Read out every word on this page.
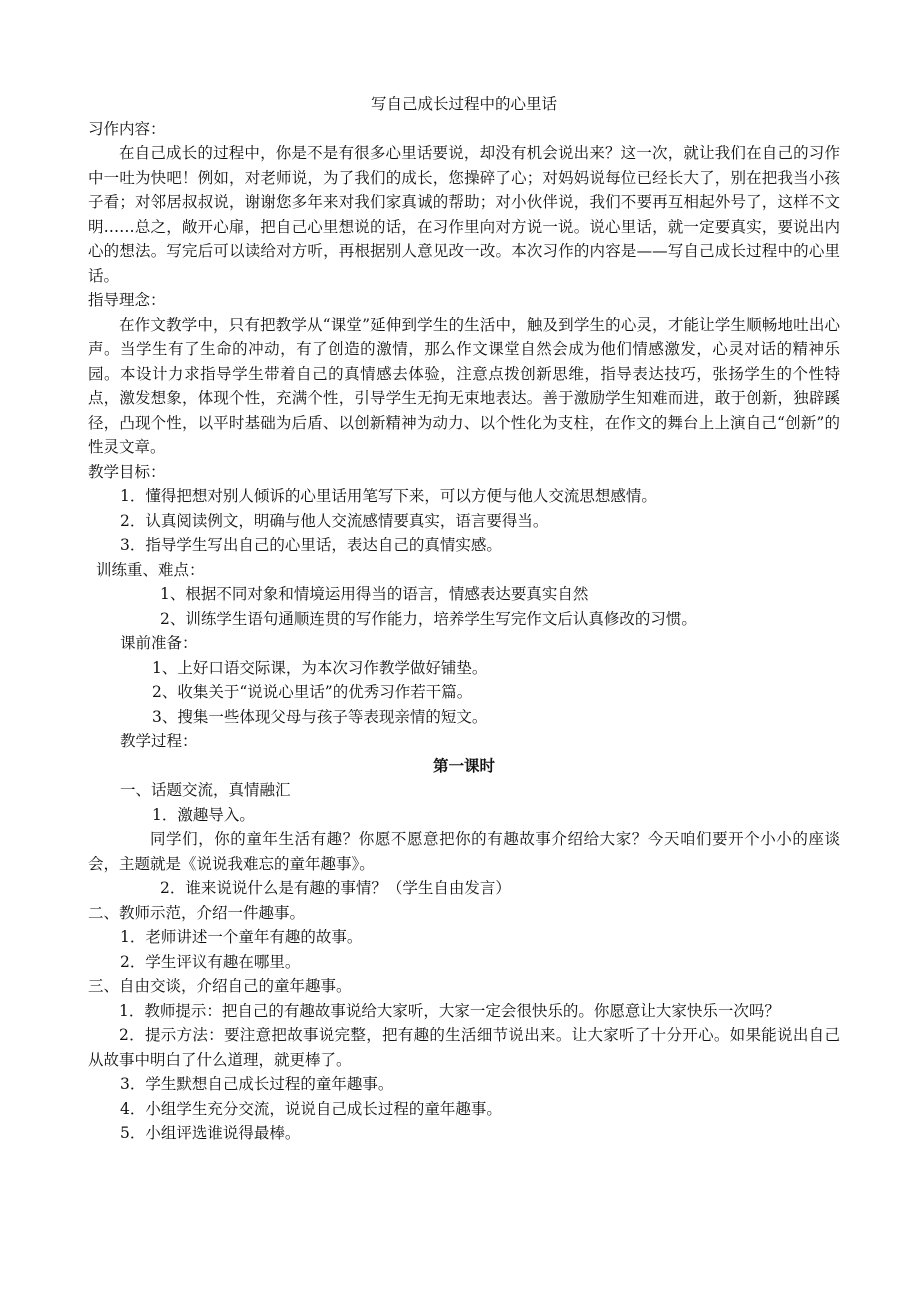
写自己成长过程中的心里话
习作内容：
在自己成长的过程中，你是不是有很多心里话要说，却没有机会说出来？这一次，就让我们在自己的习作中一吐为快吧！例如，对老师说，为了我们的成长，您操碎了心；对妈妈说每位已经长大了，别在把我当小孩子看；对邻居叔叔说，谢谢您多年来对我们家真诚的帮助；对小伙伴说，我们不要再互相起外号了，这样不文明……总之，敞开心扉，把自己心里想说的话，在习作里向对方说一说。说心里话，就一定要真实，要说出内心的想法。写完后可以读给对方听，再根据别人意见改一改。本次习作的内容是——写自己成长过程中的心里话。
指导理念：
在作文教学中，只有把教学从“课堂”延伸到学生的生活中，触及到学生的心灵，才能让学生顺畅地吐出心声。当学生有了生命的冲动，有了创造的激情，那么作文课堂自然会成为他们情感激发，心灵对话的精神乐园。本设计力求指导学生带着自己的真情感去体验，注意点拨创新思维，指导表达技巧，张扬学生的个性特点，激发想象，体现个性，充满个性，引导学生无拘无束地表达。善于激励学生知难而进，敢于创新，独辟蹊径，凸现个性，以平时基础为后盾、以创新精神为动力、以个性化为支柱，在作文的舞台上上演自己“创新”的性灵文章。
教学目标：
1．懂得把想对别人倾诉的心里话用笔写下来，可以方便与他人交流思想感情。
2．认真阅读例文，明确与他人交流感情要真实，语言要得当。
3．指导学生写出自己的心里话，表达自己的真情实感。
训练重、难点：
1、根据不同对象和情境运用得当的语言，情感表达要真实自然
2、训练学生语句通顺连贯的写作能力，培养学生写完作文后认真修改的习惯。
课前准备：
1、上好口语交际课，为本次习作教学做好铺垫。
2、收集关于“说说心里话”的优秀习作若干篇。
3、搜集一些体现父母与孩子等表现亲情的短文。
教学过程：
第一课时
一、话题交流，真情融汇
1．激趣导入。
同学们，你的童年生活有趣？你愿不愿意把你的有趣故事介绍给大家？今天咱们要开个小小的座谈会，主题就是《说说我难忘的童年趣事》。
2．谁来说说什么是有趣的事情？（学生自由发言）
二、教师示范，介绍一件趣事。
1．老师讲述一个童年有趣的故事。
2．学生评议有趣在哪里。
三、自由交谈，介绍自己的童年趣事。
1．教师提示：把自己的有趣故事说给大家听，大家一定会很快乐的。你愿意让大家快乐一次吗？
2．提示方法：要注意把故事说完整，把有趣的生活细节说出来。让大家听了十分开心。如果能说出自己从故事中明白了什么道理，就更棒了。
3．学生默想自己成长过程的童年趣事。
4．小组学生充分交流，说说自己成长过程的童年趣事。
5．小组评选谁说得最棒。
